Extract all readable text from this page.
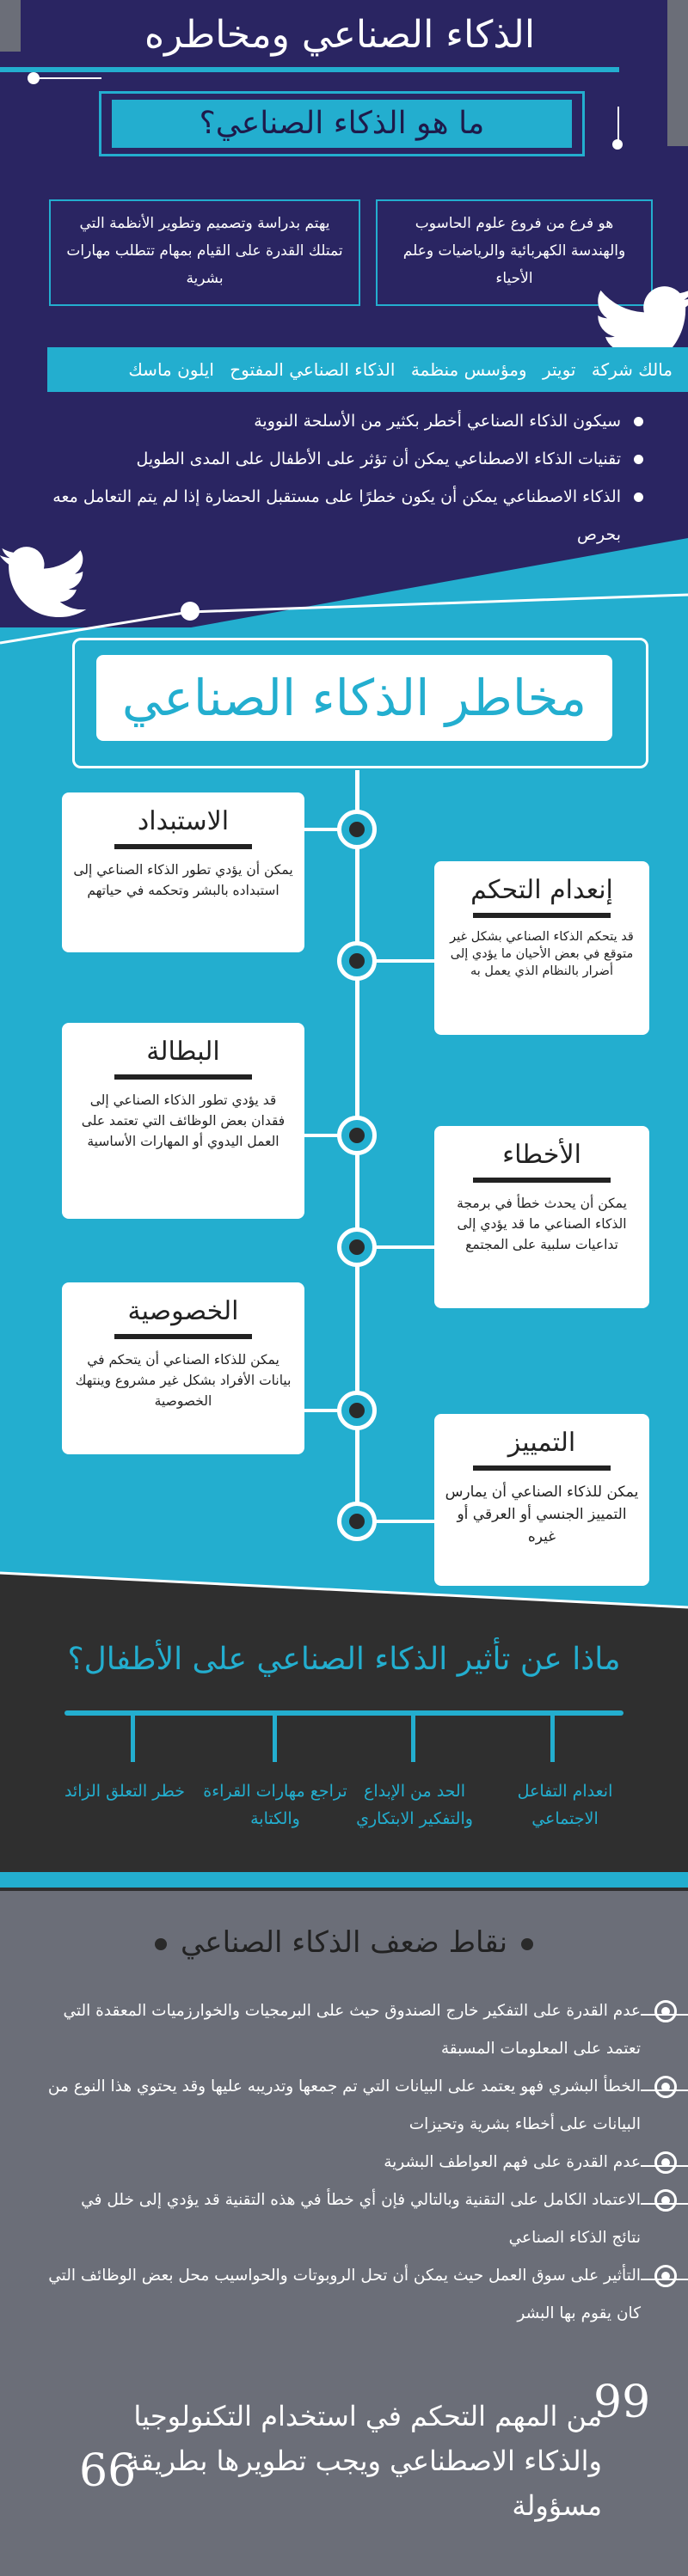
الذكاء الصناعي ومخاطره
ما هو الذكاء الصناعي؟
هو فرع من فروع علوم الحاسوب والهندسة الكهربائية والرياضيات وعلم الأحياء
يهتم بدراسة وتصميم وتطوير الأنظمة التي تمتلك القدرة على القيام بمهام تتطلب مهارات بشرية
مالك شركة تويتر ومؤسس منظمة الذكاء الصناعي المفتوح ايلون ماسك
سيكون الذكاء الصناعي أخطر بكثير من الأسلحة النووية
تقنيات الذكاء الاصطناعي يمكن أن تؤثر على الأطفال على المدى الطويل
الذكاء الاصطناعي يمكن أن يكون خطرًا على مستقبل الحضارة إذا لم يتم التعامل معه بحرص
مخاطر الذكاء الصناعي
الاستبداد

يمكن أن يؤدي تطور الذكاء الصناعي إلى استبداده بالبشر وتحكمه في حياتهم	إنعدام التحكم

قد يتحكم الذكاء الصناعي بشكل غير متوقع في بعض الأحيان ما يؤدي إلى أضرار بالنظام الذي يعمل به

البطالة

قد يؤدي تطور الذكاء الصناعي إلى فقدان بعض الوظائف التي تعتمد على العمل اليدوي أو المهارات الأساسية	الأخطاء

يمكن أن يحدث خطأ في برمجة الذكاء الصناعي ما قد يؤدي إلى تداعيات سلبية على المجتمع

الخصوصية

يمكن للذكاء الصناعي أن يتحكم في بيانات الأفراد بشكل غير مشروع وينتهك الخصوصية

التمييز

يمكن للذكاء الصناعي أن يمارس التمييز الجنسي أو العرقي أو غيره

ماذا عن تأثير الذكاء الصناعي على الأطفال؟
انعدام التفاعل الاجتماعي
الحد من الإبداع والتفكير الابتكاري
تراجع مهارات القراءة والكتابة
خطر التعلق الزائد
نقاط ضعف الذكاء الصناعي
عدم القدرة على التفكير خارج الصندوق حيث على البرمجيات والخوارزميات المعقدة التي تعتمد على المعلومات المسبقة
الخطأ البشري فهو يعتمد على البيانات التي تم جمعها وتدريبه عليها وقد يحتوي هذا النوع من البيانات على أخطاء بشرية وتحيزات
عدم القدرة على فهم العواطف البشرية
الاعتماد الكامل على التقنية وبالتالي فإن أي خطأ في هذه التقنية قد يؤدي إلى خلل في نتائج الذكاء الصناعي
التأثير على سوق العمل حيث يمكن أن تحل الروبوتات والحواسيب محل بعض الوظائف التي كان يقوم بها البشر
99
من المهم التحكم في استخدام التكنولوجيا والذكاء الاصطناعي ويجب تطويرها بطريقة مسؤولة
66
